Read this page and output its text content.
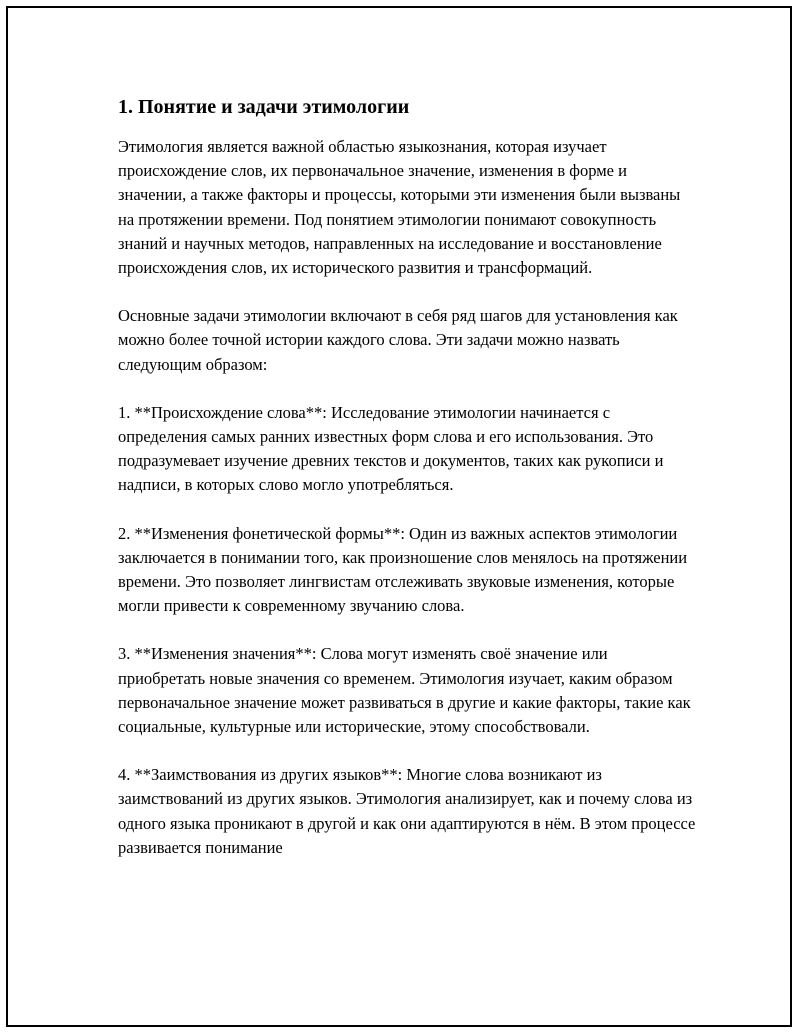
1. Понятие и задачи этимологии

Этимология является важной областью языкознания, которая изучает происхождение слов, их первоначальное значение, изменения в форме и значении, а также факторы и процессы, которыми эти изменения были вызваны на протяжении времени. Под понятием этимологии понимают совокупность знаний и научных методов, направленных на исследование и восстановление происхождения слов, их исторического развития и трансформаций.

Основные задачи этимологии включают в себя ряд шагов для установления как можно более точной истории каждого слова. Эти задачи можно назвать следующим образом:

1. **Происхождение слова**: Исследование этимологии начинается с определения самых ранних известных форм слова и его использования. Это подразумевает изучение древних текстов и документов, таких как рукописи и надписи, в которых слово могло употребляться.

2. **Изменения фонетической формы**: Один из важных аспектов этимологии заключается в понимании того, как произношение слов менялось на протяжении времени. Это позволяет лингвистам отслеживать звуковые изменения, которые могли привести к современному звучанию слова.

3. **Изменения значения**: Слова могут изменять своё значение или приобретать новые значения со временем. Этимология изучает, каким образом первоначальное значение может развиваться в другие и какие факторы, такие как социальные, культурные или исторические, этому способствовали.

4. **Заимствования из других языков**: Многие слова возникают из заимствований из других языков. Этимология анализирует, как и почему слова из одного языка проникают в другой и как они адаптируются в нём. В этом процессе развивается понимание
